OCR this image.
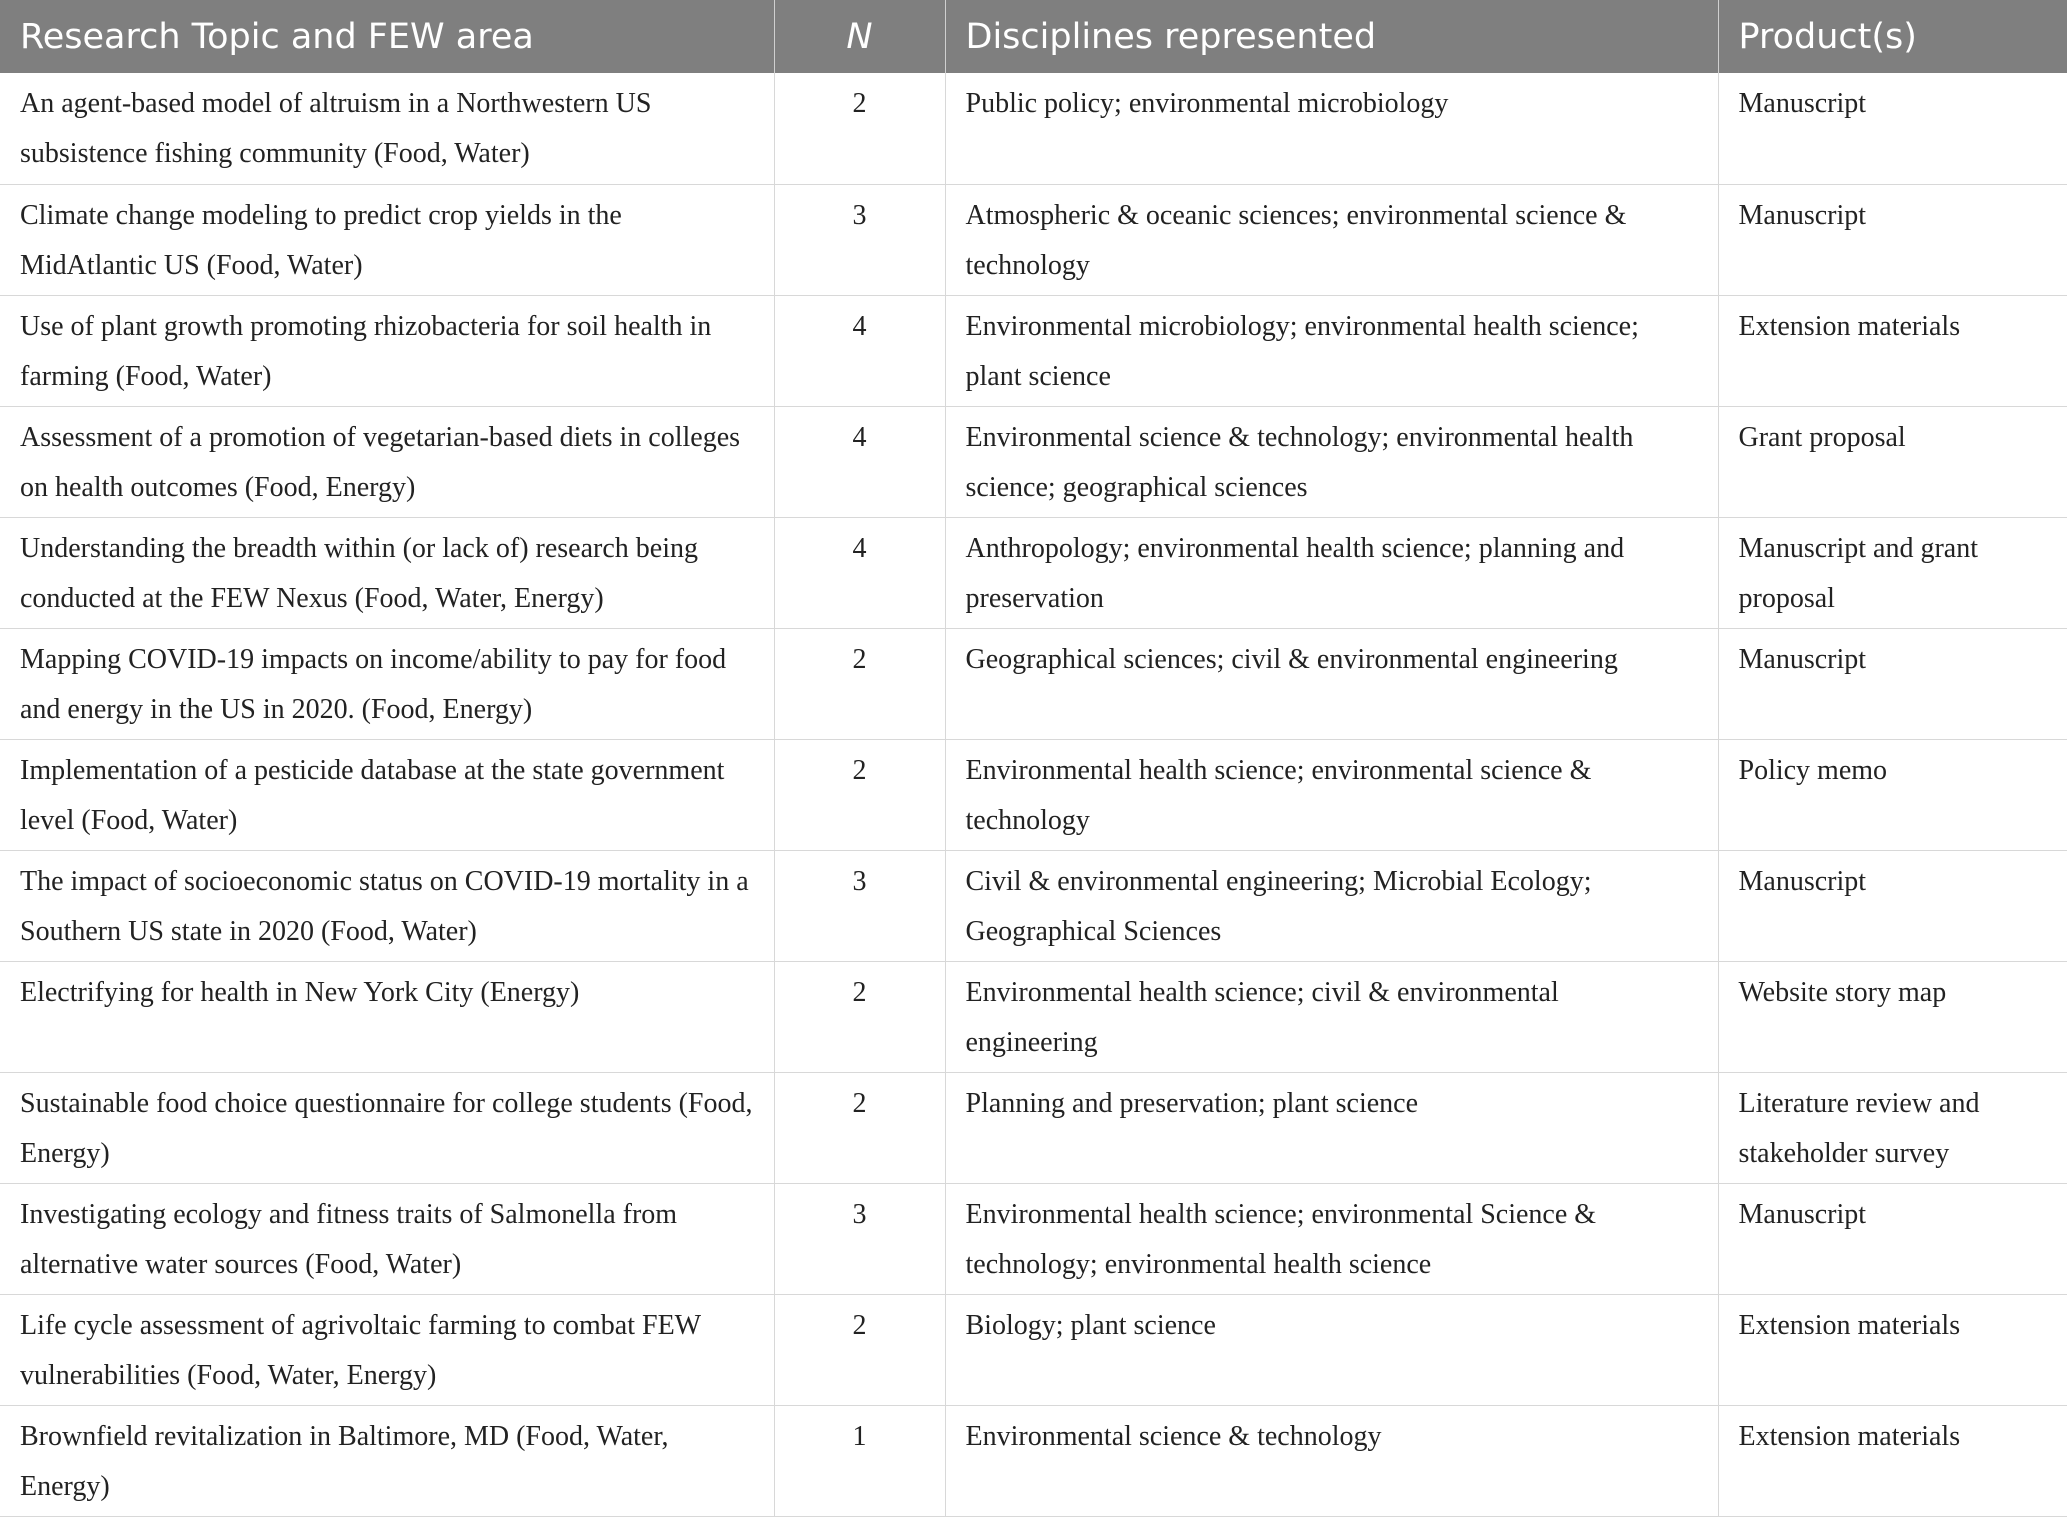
Research Topic and FEW area	N	Disciplines represented	Product(s)
An agent-based model of altruism in a Northwestern US subsistence fishing community (Food, Water)	2	Public policy; environmental microbiology	Manuscript
Climate change modeling to predict crop yields in the MidAtlantic US (Food, Water)	3	Atmospheric & oceanic sciences; environmental science & technology	Manuscript
Use of plant growth promoting rhizobacteria for soil health in farming (Food, Water)	4	Environmental microbiology; environmental health science; plant science	Extension materials
Assessment of a promotion of vegetarian-based diets in colleges on health outcomes (Food, Energy)	4	Environmental science & technology; environmental health science; geographical sciences	Grant proposal
Understanding the breadth within (or lack of) research being conducted at the FEW Nexus (Food, Water, Energy)	4	Anthropology; environmental health science; planning and preservation	Manuscript and grant proposal
Mapping COVID-19 impacts on income/ability to pay for food and energy in the US in 2020. (Food, Energy)	2	Geographical sciences; civil & environmental engineering	Manuscript
Implementation of a pesticide database at the state government level (Food, Water)	2	Environmental health science; environmental science & technology	Policy memo
The impact of socioeconomic status on COVID-19 mortality in a Southern US state in 2020 (Food, Water)	3	Civil & environmental engineering; Microbial Ecology; Geographical Sciences	Manuscript
Electrifying for health in New York City (Energy)	2	Environmental health science; civil & environmental engineering	Website story map
Sustainable food choice questionnaire for college students (Food, Energy)	2	Planning and preservation; plant science	Literature review and stakeholder survey
Investigating ecology and fitness traits of Salmonella from alternative water sources (Food, Water)	3	Environmental health science; environmental Science & technology; environmental health science	Manuscript
Life cycle assessment of agrivoltaic farming to combat FEW vulnerabilities (Food, Water, Energy)	2	Biology; plant science	Extension materials
Brownfield revitalization in Baltimore, MD (Food, Water, Energy)	1	Environmental science & technology	Extension materials
